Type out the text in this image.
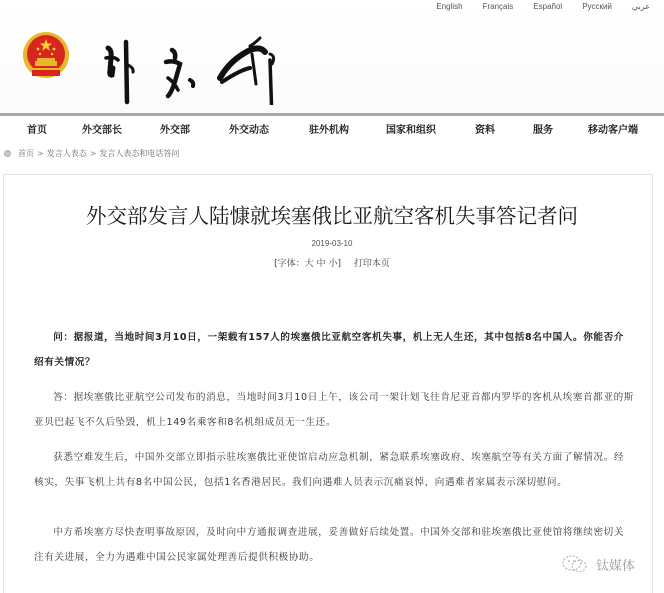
English	Français	Español	Русский	عربي
首页	外交部长	外交部	外交动态	驻外机构	国家和组织	资料	服务	移动客户端
首页 > 发言人表态 > 发言人表态和电话答问
外交部发言人陆慷就埃塞俄比亚航空客机失事答记者问
2019-03-10
[字体：大 中 小] 打印本页

问：据报道，当地时间3月10日，一架载有157人的埃塞俄比亚航空客机失事，机上无人生还，其中包括8名中国人。你能否介绍有关情况？

答：据埃塞俄比亚航空公司发布的消息，当地时间3月10日上午，该公司一架计划飞往肯尼亚首都内罗毕的客机从埃塞首都亚的斯亚贝巴起飞不久后坠毁，机上149名乘客和8名机组成员无一生还。

获悉空难发生后，中国外交部立即指示驻埃塞俄比亚使馆启动应急机制，紧急联系埃塞政府、埃塞航空等有关方面了解情况。经核实，失事飞机上共有8名中国公民，包括1名香港居民。我们向遇难人员表示沉痛哀悼，向遇难者家属表示深切慰问。

中方希埃塞方尽快查明事故原因，及时向中方通报调查进展，妥善做好后续处置。中国外交部和驻埃塞俄比亚使馆将继续密切关注有关进展，全力为遇难中国公民家属处理善后提供积极协助。

钛媒体
